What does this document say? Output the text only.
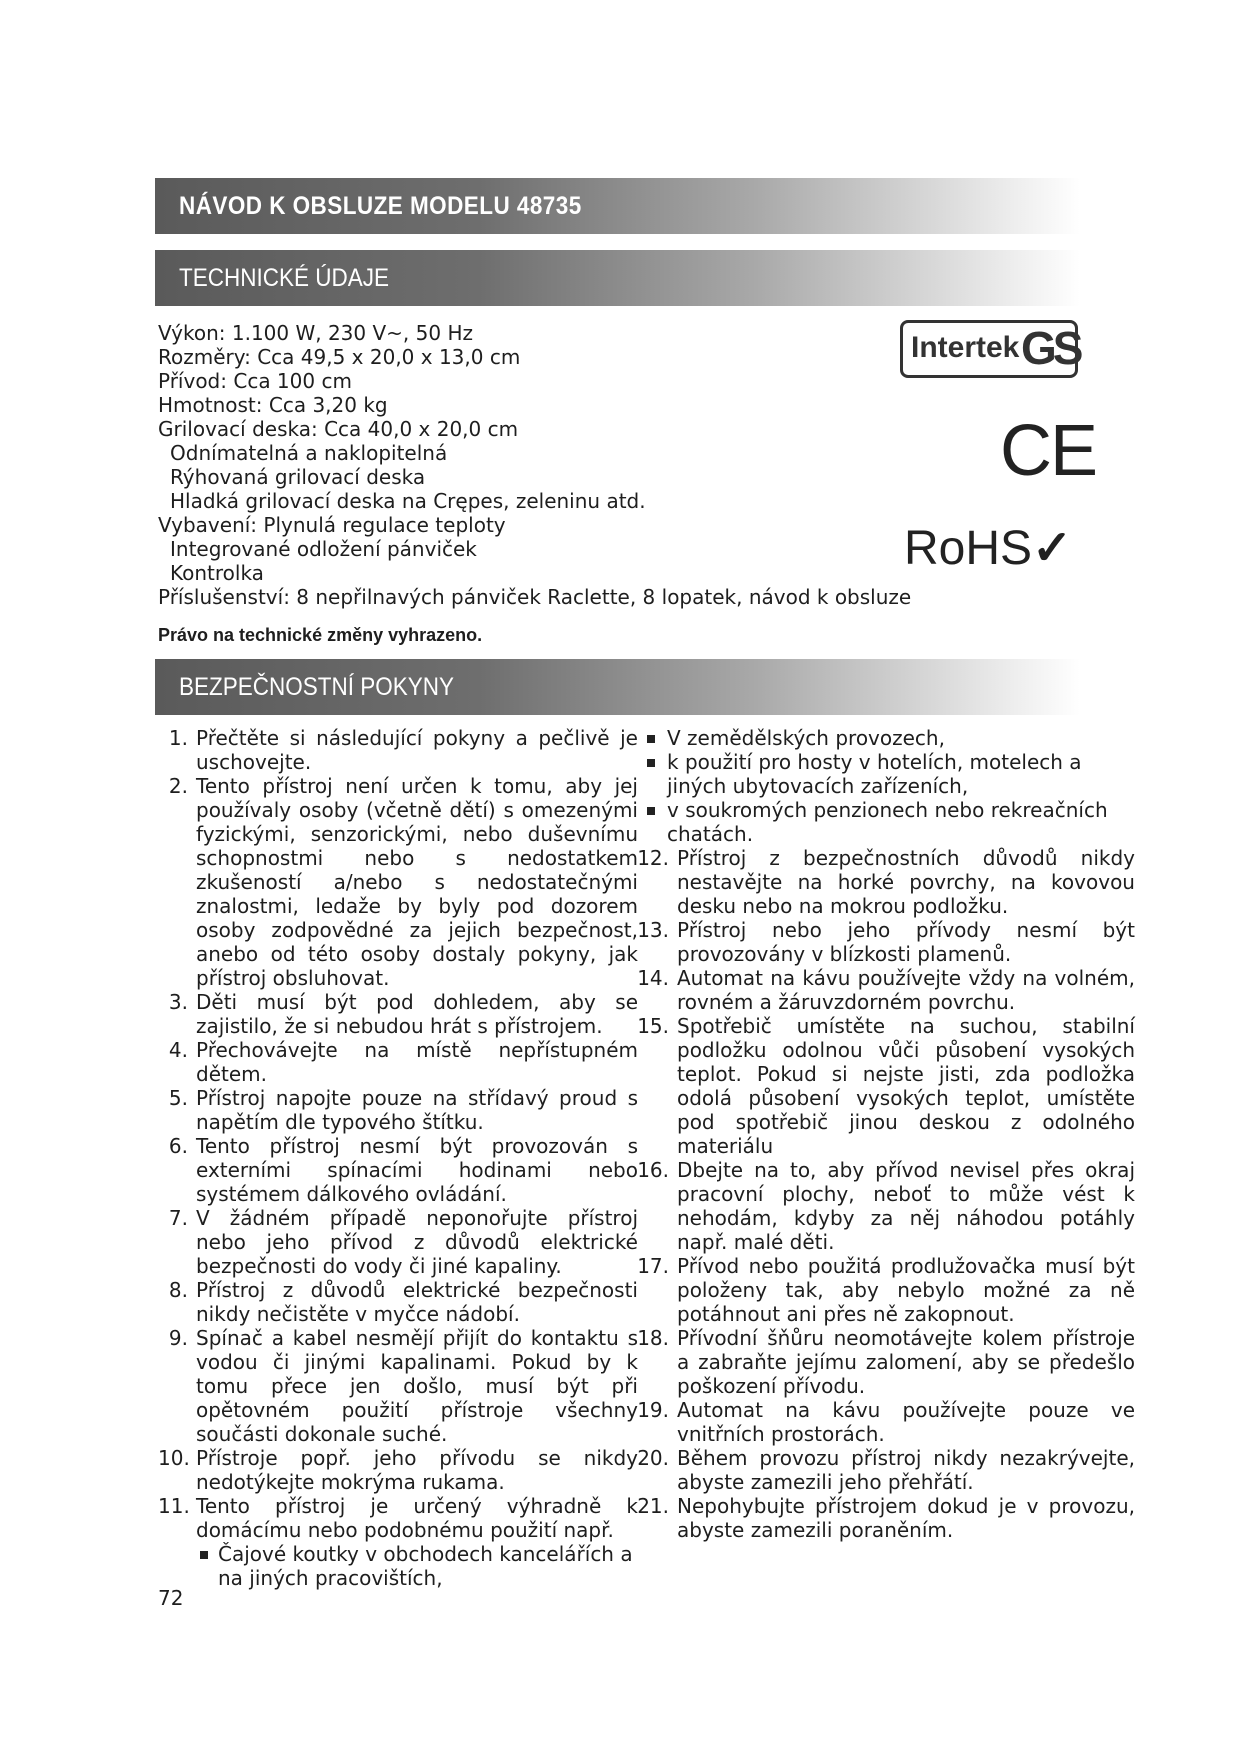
NÁVOD K OBSLUZE MODELU 48735
TECHNICKÉ ÚDAJE
Výkon: 1.100 W, 230 V~, 50 Hz
Rozměry: Cca 49,5 x 20,0 x 13,0 cm
Přívod: Cca 100 cm
Hmotnost: Cca 3,20 kg
Grilovací deska: Cca 40,0 x 20,0 cm
Odnímatelná a naklopitelná
Rýhovaná grilovací deska
Hladká grilovací deska na Crępes, zeleninu atd.
Vybavení: Plynulá regulace teploty
Integrované odložení pánviček
Kontrolka
Příslušenství: 8 nepřilnavých pánviček Raclette, 8 lopatek, návod k obsluze
Právo na technické změny vyhrazeno.
Intertek GS
CE
RoHS✓
BEZPEČNOSTNÍ POKYNY
1. Přečtěte si následující pokyny a pečlivě je uschovejte.
2. Tento přístroj není určen k tomu, aby jej používaly osoby (včetně dětí) s omezenými fyzickými, senzorickými, nebo duševnímu schopnostmi nebo s nedostatkem zkušeností a/nebo s nedostatečnými znalostmi, ledaže by byly pod dozorem osoby zodpovědné za jejich bezpečnost, anebo od této osoby dostaly pokyny, jak přístroj obsluhovat.
3. Děti musí být pod dohledem, aby se zajistilo, že si nebudou hrát s přístrojem.
4. Přechovávejte na místě nepřístupném dětem.
5. Přístroj napojte pouze na střídavý proud s napětím dle typového štítku.
6. Tento přístroj nesmí být provozován s externími spínacími hodinami nebo systémem dálkového ovládání.
7. V žádném případě neponořujte přístroj nebo jeho přívod z důvodů elektrické bezpečnosti do vody či jiné kapaliny.
8. Přístroj z důvodů elektrické bezpečnosti nikdy nečistěte v myčce nádobí.
9. Spínač a kabel nesmějí přijít do kontaktu s vodou či jinými kapalinami. Pokud by k tomu přece jen došlo, musí být při opětovném použití přístroje všechny součásti dokonale suché.
10. Přístroje popř. jeho přívodu se nikdy nedotýkejte mokrýma rukama.
11. Tento přístroj je určený výhradně k domácímu nebo podobnému použití např.
Čajové koutky v obchodech kancelářích a na jiných pracovištích,
V zemědělských provozech,
k použití pro hosty v hotelích, motelech a jiných ubytovacích zařízeních,
v soukromých penzionech nebo rekreačních chatách.
12. Přístroj z bezpečnostních důvodů nikdy nestavějte na horké povrchy, na kovovou desku nebo na mokrou podložku.
13. Přístroj nebo jeho přívody nesmí být provozovány v blízkosti plamenů.
14. Automat na kávu používejte vždy na volném, rovném a žáruvzdorném povrchu.
15. Spotřebič umístěte na suchou, stabilní podložku odolnou vůči působení vysokých teplot. Pokud si nejste jisti, zda podložka odolá působení vysokých teplot, umístěte pod spotřebič jinou deskou z odolného materiálu
16. Dbejte na to, aby přívod nevisel přes okraj pracovní plochy, neboť to může vést k nehodám, kdyby za něj náhodou potáhly např. malé děti.
17. Přívod nebo použitá prodlužovačka musí být položeny tak, aby nebylo možné za ně potáhnout ani přes ně zakopnout.
18. Přívodní šňůru neomotávejte kolem přístroje a zabraňte jejímu zalomení, aby se předešlo poškození přívodu.
19. Automat na kávu používejte pouze ve vnitřních prostorách.
20. Během provozu přístroj nikdy nezakrývejte, abyste zamezili jeho přehřátí.
21. Nepohybujte přístrojem dokud je v provozu, abyste zamezili poraněním.
72
